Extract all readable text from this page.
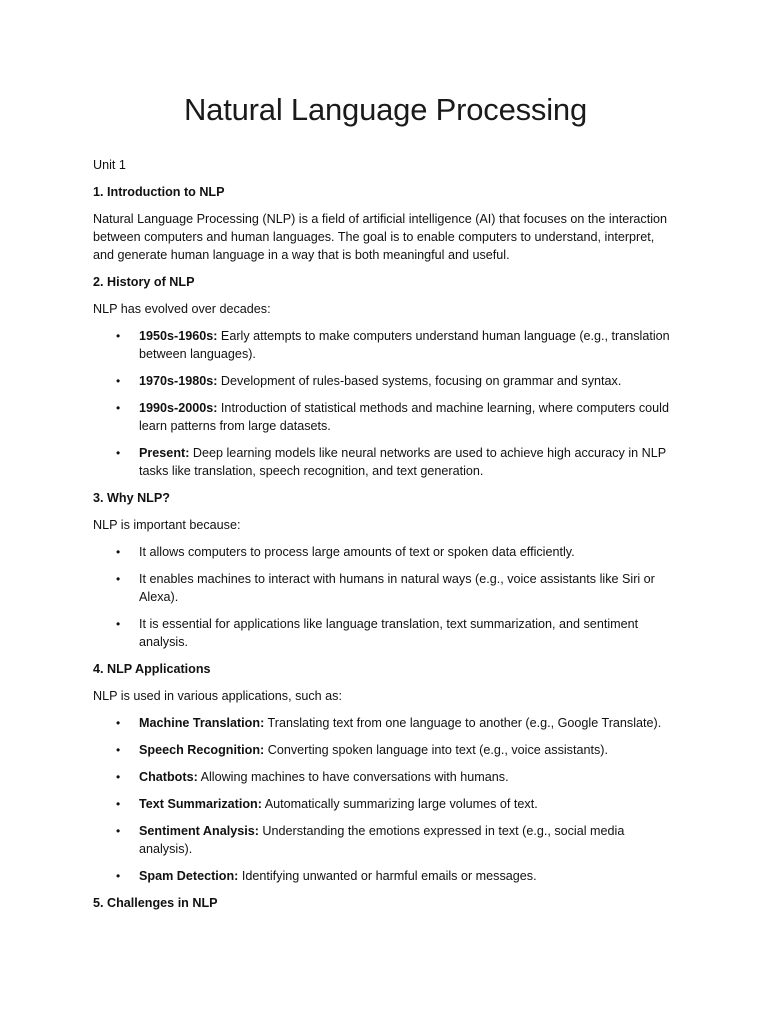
Natural Language Processing

Unit 1

1. Introduction to NLP

Natural Language Processing (NLP) is a field of artificial intelligence (AI) that focuses on the interaction between computers and human languages. The goal is to enable computers to understand, interpret, and generate human language in a way that is both meaningful and useful.

2. History of NLP

NLP has evolved over decades:

• 1950s-1960s: Early attempts to make computers understand human language (e.g., translation between languages).
• 1970s-1980s: Development of rules-based systems, focusing on grammar and syntax.
• 1990s-2000s: Introduction of statistical methods and machine learning, where computers could learn patterns from large datasets.
• Present: Deep learning models like neural networks are used to achieve high accuracy in NLP tasks like translation, speech recognition, and text generation.

3. Why NLP?

NLP is important because:

• It allows computers to process large amounts of text or spoken data efficiently.
• It enables machines to interact with humans in natural ways (e.g., voice assistants like Siri or Alexa).
• It is essential for applications like language translation, text summarization, and sentiment analysis.

4. NLP Applications

NLP is used in various applications, such as:

• Machine Translation: Translating text from one language to another (e.g., Google Translate).
• Speech Recognition: Converting spoken language into text (e.g., voice assistants).
• Chatbots: Allowing machines to have conversations with humans.
• Text Summarization: Automatically summarizing large volumes of text.
• Sentiment Analysis: Understanding the emotions expressed in text (e.g., social media analysis).
• Spam Detection: Identifying unwanted or harmful emails or messages.

5. Challenges in NLP
